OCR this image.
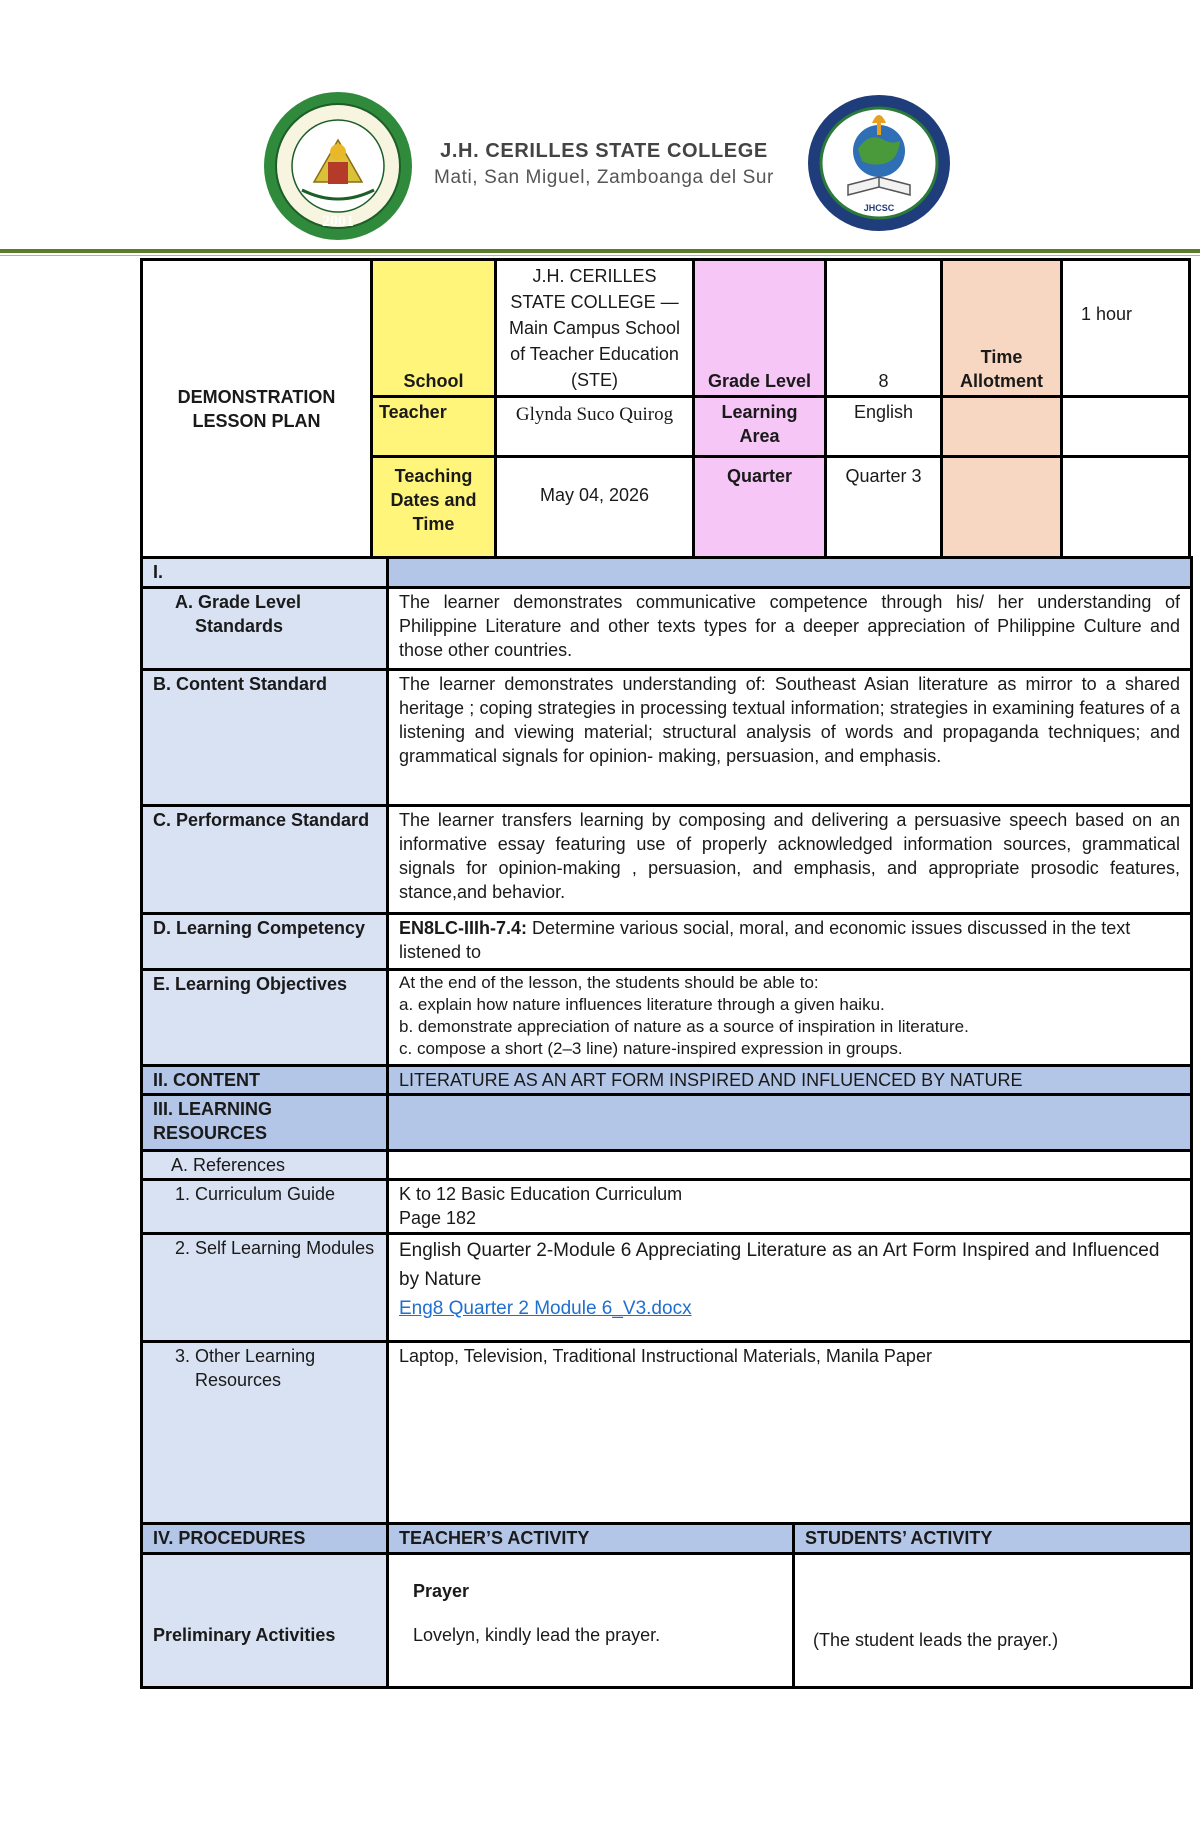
2001
J.H. CERILLES STATE COLLEGE
Mati, San Miguel, Zamboanga del Sur
JHCSC
DEMONSTRATION LESSON PLAN	School	J.H. CERILLES STATE COLLEGE —Main Campus School of Teacher Education (STE)	Grade Level	8	Time Allotment	1 hour
	Teacher	Glynda Suco Quirog	Learning Area	English		
	Teaching Dates and Time	May 04, 2026	Quarter	Quarter 3		
I.		

A. Grade Level Standards	The learner demonstrates communicative competence through his/ her understanding of Philippine Literature and other texts types for a deeper appreciation of Philippine Culture and those other countries.	
B. Content Standard	The learner demonstrates understanding of: Southeast Asian literature as mirror to a shared heritage ; coping strategies in processing textual information; strategies in examining features of a listening and viewing material; structural analysis of words and propaganda techniques; and grammatical signals for opinion- making, persuasion, and emphasis.	
C. Performance Standard	The learner transfers learning by composing and delivering a persuasive speech based on an informative essay featuring use of properly acknowledged information sources, grammatical signals for opinion-making , persuasion, and emphasis, and appropriate prosodic features, stance,and behavior.	
D. Learning Competency	EN8LC-IIIh-7.4: Determine various social, moral, and economic issues discussed in the text listened to	
E. Learning Objectives	At the end of the lesson, the students should be able to:
a. explain how nature influences literature through a given haiku.
b. demonstrate appreciation of nature as a source of inspiration in literature.
c. compose a short (2–3 line) nature-inspired expression in groups.	

II. CONTENT	LITERATURE AS AN ART FORM INSPIRED AND INFLUENCED BY NATURE	
III. LEARNING RESOURCES		
A. References		

1. Curriculum Guide	K to 12 Basic Education Curriculum
Page 182	

2. Self Learning Modules	English Quarter 2-Module 6 Appreciating Literature as an Art Form Inspired and Influenced by Nature
Eng8 Quarter 2 Module 6_V3.docx	

3. Other Learning Resources	Laptop, Television, Traditional Instructional Materials, Manila Paper	
IV. PROCEDURES	TEACHER’S ACTIVITY	STUDENTS’ ACTIVITY
Preliminary Activities	Prayer
Lovelyn, kindly lead the prayer.	(The student leads the prayer.)
